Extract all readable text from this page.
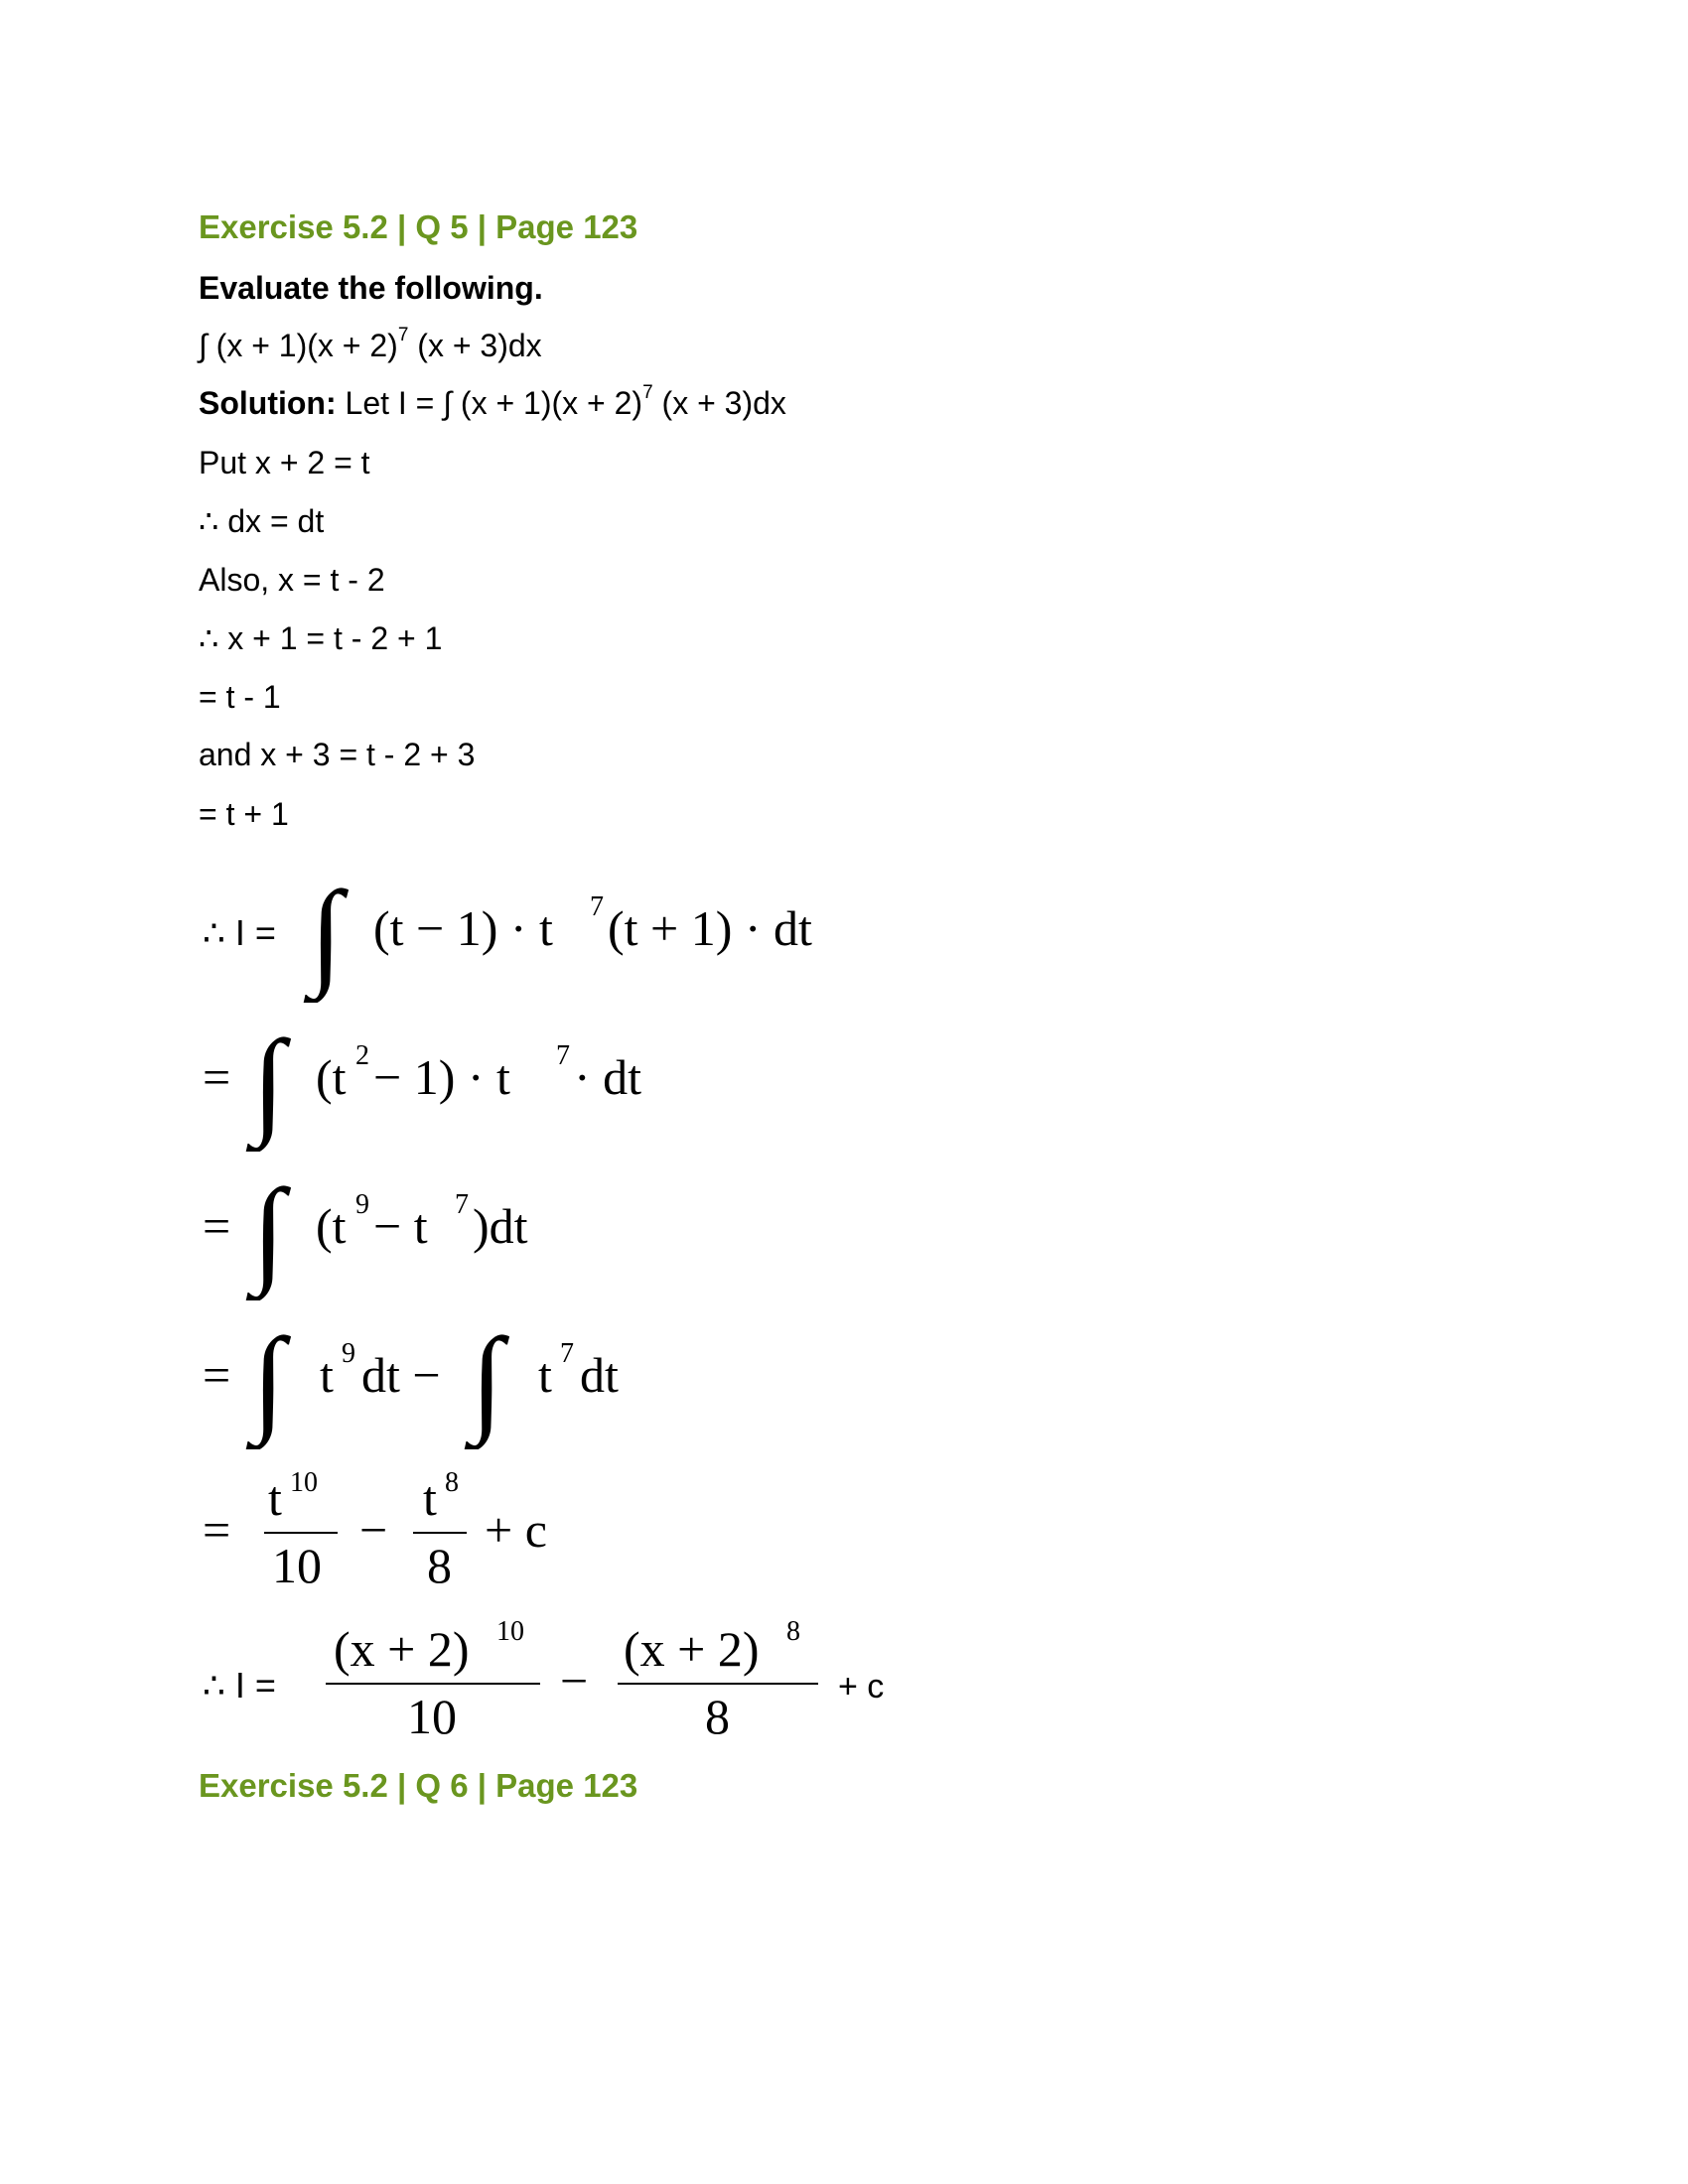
Exercise 5.2 | Q 5 | Page 123
Evaluate the following.
∫ $(x + 1)(x + 2)^7$ (x + 3)dx
Solution: Let I = ∫ $(x + 1)(x + 2)^7$ (x + 3)dx
Put x + 2 = t
∴ dx = dt
Also, x = t - 2
∴ x + 1 = t - 2 + 1
= t - 1
and x + 3 = t - 2 + 3
= t + 1
∴ I = ∫ (t − 1) · t 7 (t + 1) · dt
= ∫ (t 2 − 1) · t 7 · dt
= ∫ (t 9 − t 7 )dt
= ∫ t 9 dt − ∫ t 7 dt
=
t 10
10
−
t 8
8
+ c
∴ I =
(x + 2) 10
10
−
(x + 2) 8
8
+ c
Exercise 5.2 | Q 6 | Page 123
